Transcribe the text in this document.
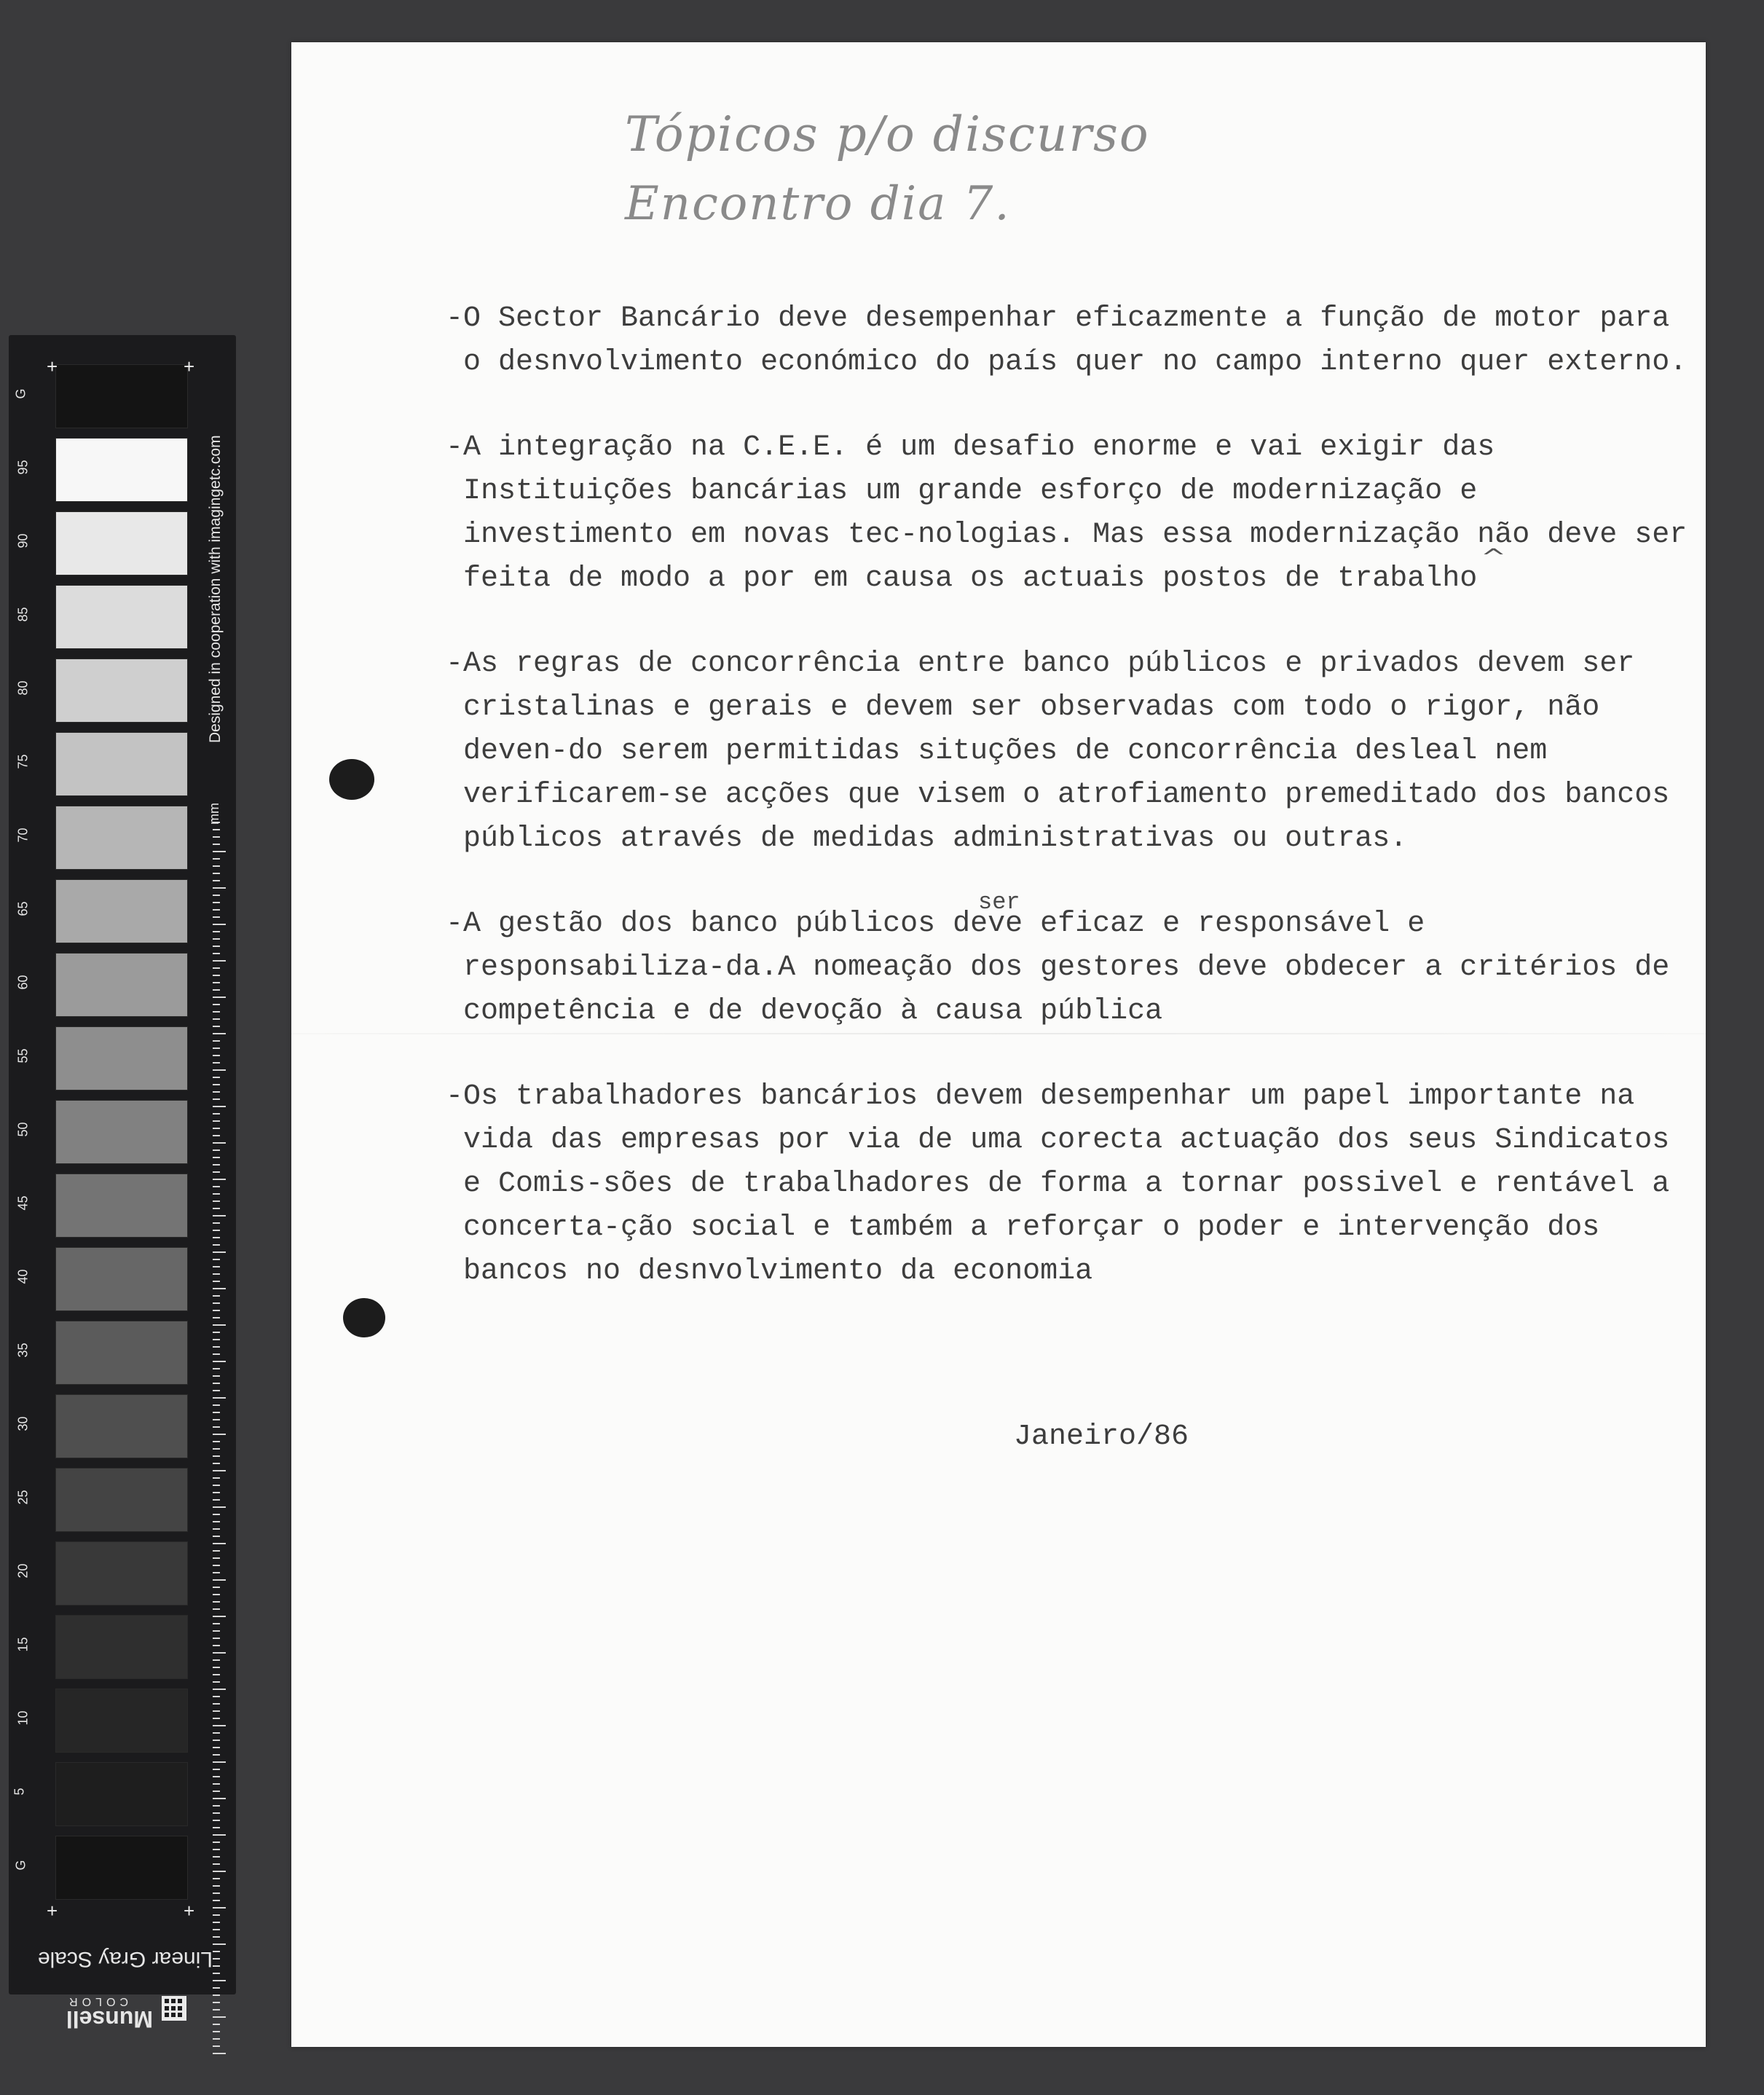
G
95
90
85
80
75
70
65
60
55
50
45
40
35
30
25
20
15
10
5
G
+	+
+	+
Designed in cooperation with imagingetc.com
mm
Linear Gray Scale
Munsell
COLOR
Tópicos p/o discurso
Encontro dia 7.

-O Sector Bancário deve desempenhar eficazmente a função de motor para o desnvolvimento económico do país quer no campo interno quer externo.

-A integração na C.E.E. é um desafio enorme e vai exigir das Instituições bancárias um grande esforço de modernização e investimento em novas tec-nologias. Mas essa modernização não deve ser feita de modo a por em causa os actuais postos de trabalho

-As regras de concorrência entre banco públicos e privados devem ser cristalinas e gerais e devem ser observadas com todo o rigor, não deven-do serem permitidas situções de concorrência desleal nem verificarem-se acções que visem o atrofiamento premeditado dos bancos públicos através de medidas administrativas ou outras.

-A gestão dos banco públicos deve eficaz e responsável e responsabiliza-da.A nomeação dos gestores deve obdecer a critérios de competência e de devoção à causa pública

-Os trabalhadores bancários devem desempenhar um papel importante na vida das empresas por via de uma corecta actuação dos seus Sindicatos e Comis-sões de trabalhadores de forma a tornar possivel e rentável a concerta-ção social e também a reforçar o poder e intervenção dos bancos no desnvolvimento da economia

ser
^
Janeiro/86
